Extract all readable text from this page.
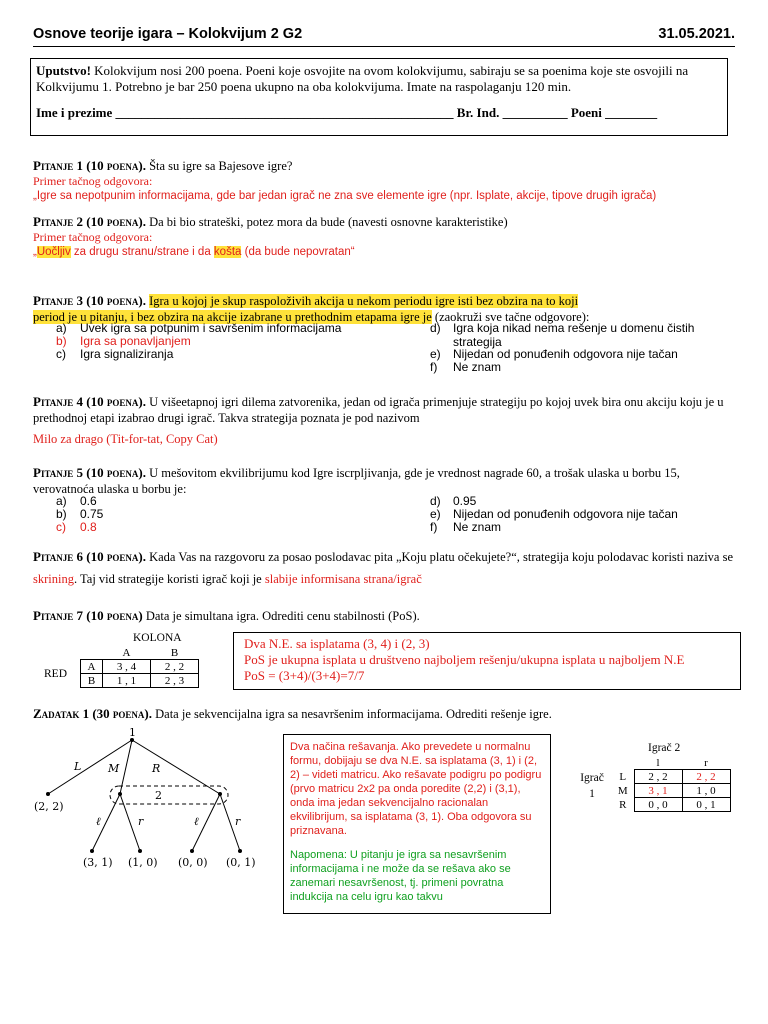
Osnove teorije igara – Kolokvijum 2 G2	31.05.2021.
Uputstvo! Kolokvijum nosi 200 poena. Poeni koje osvojite na ovom kolokvijumu, sabiraju se sa poenima koje ste osvojili na Kolkvijumu 1. Potrebno je bar 250 poena ukupno na oba kolokvijuma. Imate na raspolaganju 120 min.
Ime i prezime ____________________________________________________ Br. Ind. __________ Poeni ________
Pitanje 1 (10 poena). Šta su igre sa Bajesove igre?
Primer tačnog odgovora:
„Igre sa nepotpunim informacijama, gde bar jedan igrač ne zna sve elemente igre (npr. Isplate, akcije, tipove drugih igrača)
Pitanje 2 (10 poena). Da bi bio strateški, potez mora da bude (navesti osnovne karakteristike)
Primer tačnog odgovora:
„Uočljiv za drugu stranu/strane i da košta (da bude nepovratan“
Pitanje 3 (10 poena). Igra u kojoj je skup raspoloživih akcija u nekom periodu igre isti bez obzira na to koji
period je u pitanju, i bez obzira na akcije izabrane u prethodnim etapama igre je (zaokruži sve tačne odgovore):
a) Uvek igra sa potpunim i savršenim informacijama
b) Igra sa ponavljanjem
c) Igra signaliziranja
d) Igra koja nikad nema rešenje u domenu čistih strategija
e) Nijedan od ponuđenih odgovora nije tačan
f) Ne znam
Pitanje 4 (10 poena). U višeetapnoj igri dilema zatvorenika, jedan od igrača primenjuje strategiju po kojoj uvek bira onu akciju koju je u prethodnoj etapi izabrao drugi igrač. Takva strategija poznata je pod nazivom
Milo za drago (Tit-for-tat, Copy Cat)
Pitanje 5 (10 poena). U mešovitom ekvilibrijumu kod Igre iscrpljivanja, gde je vrednost nagrade 60, a trošak ulaska u borbu 15, verovatnoća ulaska u borbu je:
a) 0.6
b) 0.75
c) 0.8
d) 0.95
e) Nijedan od ponuđenih odgovora nije tačan
f) Ne znam
Pitanje 6 (10 poena). Kada Vas na razgovoru za posao poslodavac pita „Koju platu očekujete?“, strategija koju polodavac koristi naziva se skrining. Taj vid strategije koristi igrač koji je slabije informisana strana/igrač
Pitanje 7 (10 poena) Data je simultana igra. Odrediti cenu stabilnosti (PoS).
KOLONA
RED
	A	B
A	3 , 4	2 , 2
B	1 , 1	2 , 3
Dva N.E. sa isplatama (3, 4) i (2, 3)
PoS je ukupna isplata u društveno najboljem rešenju/ukupna isplata u najboljem N.E
PoS = (3+4)/(3+4)=7/7
Zadatak 1 (30 poena). Data je sekvencijalna igra sa nesavršenim informacijama. Odrediti rešenje igre.
1
L M	R
2
(2, 2)
ℓ	r	ℓ	r
(3, 1) (1, 0) (0, 0) (0, 1)
Dva načina rešavanja. Ako prevedete u normalnu formu, dobijaju se dva N.E. sa isplatama (3, 1) i (2, 2) – videti matricu. Ako rešavate podigru po podigru (prvo matricu 2x2 pa onda poredite (2,2) i (3,1), onda ima jedan sekvencijalno racionalan ekvilibrijum, sa isplatama (3, 1). Oba odgovora su priznavana.
Napomena: U pitanju je igra sa nesavršenim informacijama i ne može da se rešava ako se zanemari nesavršenost, tj. primeni povratna indukcija na celu igru kao takvu
Igrač 2
Igrač
1
	l	r
L	2 , 2	2 , 2
M	3 , 1	1 , 0
R	0 , 0	0 , 1
